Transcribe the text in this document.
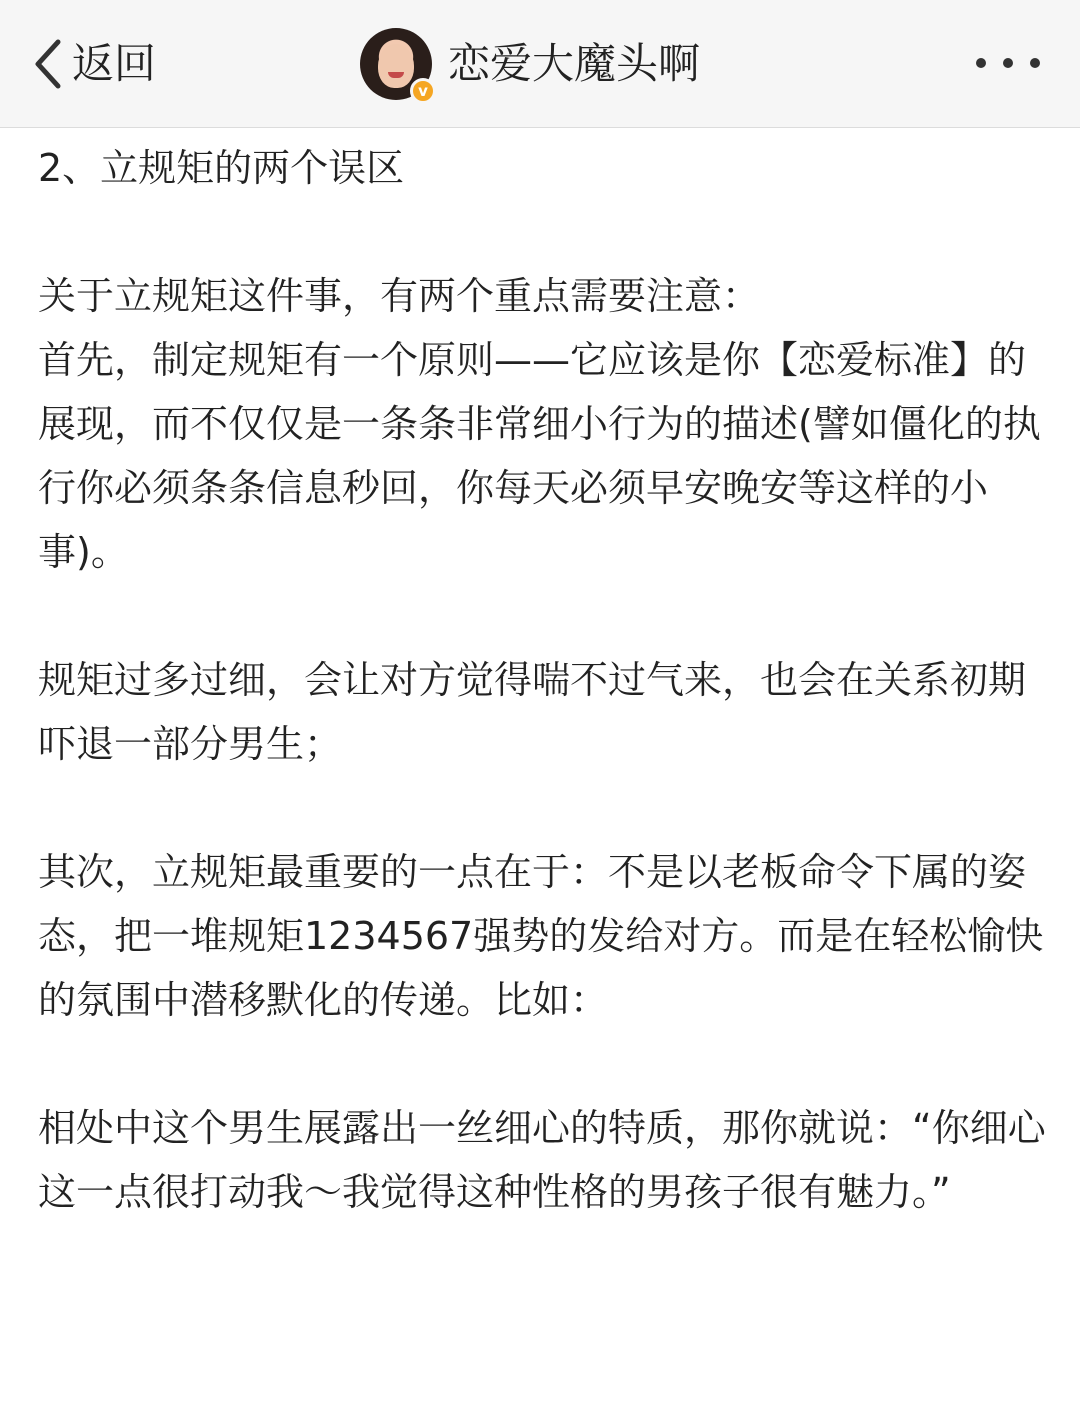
返回
v
恋爱大魔头啊

2、立规矩的两个误区

关于立规矩这件事，有两个重点需要注意：

首先，制定规矩有一个原则——它应该是你【恋爱标准】的展现，而不仅仅是一条条非常细小行为的描述(譬如僵化的执行你必须条条信息秒回，你每天必须早安晚安等这样的小事)。

规矩过多过细，会让对方觉得喘不过气来，也会在关系初期吓退一部分男生；

其次，立规矩最重要的一点在于：不是以老板命令下属的姿态，把一堆规矩1234567强势的发给对方。而是在轻松愉快的氛围中潜移默化的传递。比如：

相处中这个男生展露出一丝细心的特质，那你就说：“你细心这一点很打动我～我觉得这种性格的男孩子很有魅力。”
